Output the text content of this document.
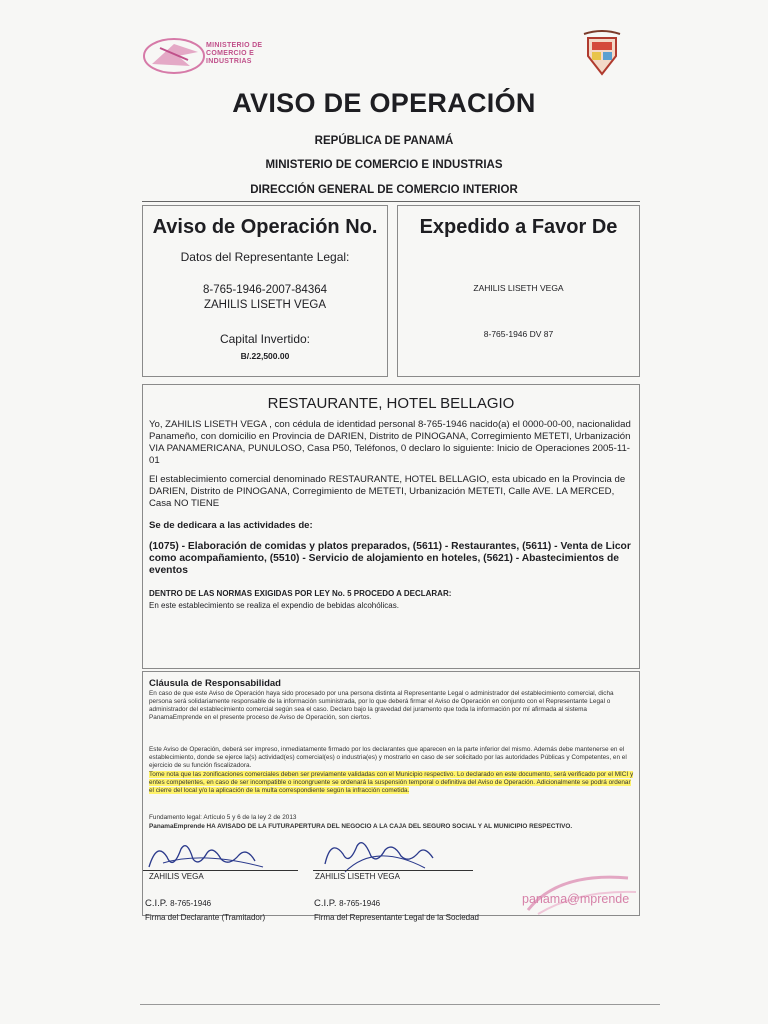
MINISTERIO DE COMERCIO E INDUSTRIAS
AVISO DE OPERACIÓN
REPÚBLICA DE PANAMÁ
MINISTERIO DE COMERCIO E INDUSTRIAS
DIRECCIÓN GENERAL DE COMERCIO INTERIOR
Aviso de Operación No.
Datos del Representante Legal:
8-765-1946-2007-84364
ZAHILIS LISETH VEGA
Capital Invertido:
B/.22,500.00
Expedido a Favor De
ZAHILIS LISETH VEGA
8-765-1946 DV 87
RESTAURANTE, HOTEL BELLAGIO
Yo, ZAHILIS LISETH VEGA , con cédula de identidad personal 8-765-1946 nacido(a) el 0000-00-00, nacionalidad Panameño, con domicilio en Provincia de DARIEN, Distrito de PINOGANA, Corregimiento METETI, Urbanización VIA PANAMERICANA, PUNULOSO, Casa P50, Teléfonos, 0 declaro lo siguiente: Inicio de Operaciones 2005-11-01
El establecimiento comercial denominado RESTAURANTE, HOTEL BELLAGIO, esta ubicado en la Provincia de DARIEN, Distrito de PINOGANA, Corregimiento de METETI, Urbanización METETI, Calle AVE. LA MERCED, Casa NO TIENE
Se de dedicara a las actividades de:
(1075) - Elaboración de comidas y platos preparados, (5611) - Restaurantes, (5611) - Venta de Licor como acompañamiento, (5510) - Servicio de alojamiento en hoteles, (5621) - Abastecimientos de eventos
DENTRO DE LAS NORMAS EXIGIDAS POR LEY No. 5 PROCEDO A DECLARAR:
En este establecimiento se realiza el expendio de bebidas alcohólicas.
Cláusula de Responsabilidad
En caso de que este Aviso de Operación haya sido procesado por una persona distinta al Representante Legal o administrador del establecimiento comercial, dicha persona será solidariamente responsable de la información suministrada, por lo que deberá firmar el Aviso de Operación en conjunto con el Representante Legal o administrador del establecimiento comercial según sea el caso. Declaro bajo la gravedad del juramento que toda la información por mí afirmada al sistema PanamaEmprende en el presente proceso de Aviso de Operación, son ciertos.
Este Aviso de Operación, deberá ser impreso, inmediatamente firmado por los declarantes que aparecen en la parte inferior del mismo. Además debe mantenerse en el establecimiento, donde se ejerce la(s) actividad(es) comercial(es) o industria(es) y mostrarlo en caso de ser solicitado por las autoridades Públicas y Competentes, en el ejercicio de su función fiscalizadora.
Tome nota que las zonificaciones comerciales deben ser previamente validadas con el Municipio respectivo. Lo declarado en este documento, será verificado por el MICI y entes competentes, en caso de ser incompatible o incongruente se ordenará la suspensión temporal o definitiva del Aviso de Operación. Adicionalmente se podrá ordenar el cierre del local y/o la aplicación de la multa correspondiente según la infracción cometida.
Fundamento legal: Artículo 5 y 6 de la ley 2 de 2013
PanamaEmprende HA AVISADO DE LA FUTURAPERTURA DEL NEGOCIO A LA CAJA DEL SEGURO SOCIAL Y AL MUNICIPIO RESPECTIVO.
ZAHILIS VEGA	ZAHILIS LISETH VEGA
C.I.P. 8-765-1946
Firma del Declarante (Tramitador)
C.I.P. 8-765-1946
Firma del Representante Legal de la Sociedad
panama@mprende
